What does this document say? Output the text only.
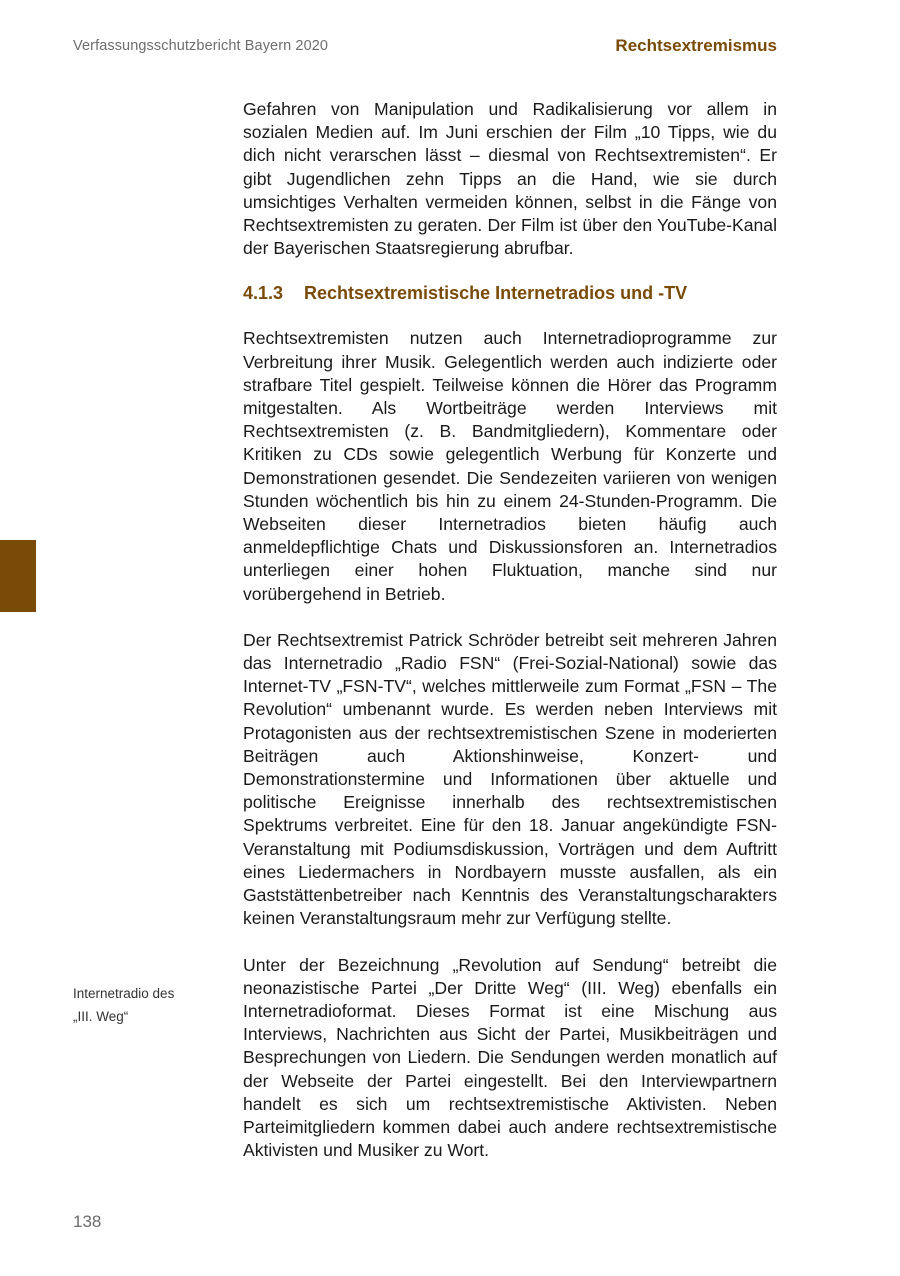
Verfassungsschutzbericht Bayern 2020	Rechtsextremismus

Gefahren von Manipulation und Radikalisierung vor allem in sozialen Medien auf. Im Juni erschien der Film „10 Tipps, wie du dich nicht verarschen lässt – diesmal von Rechtsextremisten“. Er gibt Jugendlichen zehn Tipps an die Hand, wie sie durch umsichtiges Verhalten vermeiden können, selbst in die Fänge von Rechtsextremisten zu geraten. Der Film ist über den YouTube-Kanal der Bayerischen Staatsregierung abrufbar.

4.1.3 Rechtsextremistische Internetradios und -TV

Rechtsextremisten nutzen auch Internetradioprogramme zur Verbreitung ihrer Musik. Gelegentlich werden auch indizierte oder strafbare Titel gespielt. Teilweise können die Hörer das Programm mitgestalten. Als Wortbeiträge werden Interviews mit Rechtsextremisten (z. B. Bandmitgliedern), Kommentare oder Kritiken zu CDs sowie gelegentlich Werbung für Konzerte und Demonstrationen gesendet. Die Sendezeiten variieren von wenigen Stunden wöchentlich bis hin zu einem 24-Stunden-Programm. Die Webseiten dieser Internetradios bieten häufig auch anmeldepflichtige Chats und Diskussionsforen an. Internetradios unterliegen einer hohen Fluktuation, manche sind nur vorübergehend in Betrieb.

Der Rechtsextremist Patrick Schröder betreibt seit mehreren Jahren das Internetradio „Radio FSN“ (Frei-Sozial-National) sowie das Internet-TV „FSN-TV“, welches mittlerweile zum Format „FSN – The Revolution“ umbenannt wurde. Es werden neben Interviews mit Protagonisten aus der rechtsextremistischen Szene in moderierten Beiträgen auch Aktionshinweise, Konzert- und Demonstrationstermine und Informationen über aktuelle und politische Ereignisse innerhalb des rechtsextremistischen Spektrums verbreitet. Eine für den 18. Januar angekündigte FSN-Veranstaltung mit Podiumsdiskussion, Vorträgen und dem Auftritt eines Liedermachers in Nordbayern musste ausfallen, als ein Gaststättenbetreiber nach Kenntnis des Veranstaltungscharakters keinen Veranstaltungsraum mehr zur Verfügung stellte.

Unter der Bezeichnung „Revolution auf Sendung“ betreibt die neonazistische Partei „Der Dritte Weg“ (III. Weg) ebenfalls ein Internetradioformat. Dieses Format ist eine Mischung aus Interviews, Nachrichten aus Sicht der Partei, Musikbeiträgen und Besprechungen von Liedern. Die Sendungen werden monatlich auf der Webseite der Partei eingestellt. Bei den Interviewpartnern handelt es sich um rechtsextremistische Aktivisten. Neben Parteimitgliedern kommen dabei auch andere rechtsextremistische Aktivisten und Musiker zu Wort.

Internetradio des
„III. Weg“
138
